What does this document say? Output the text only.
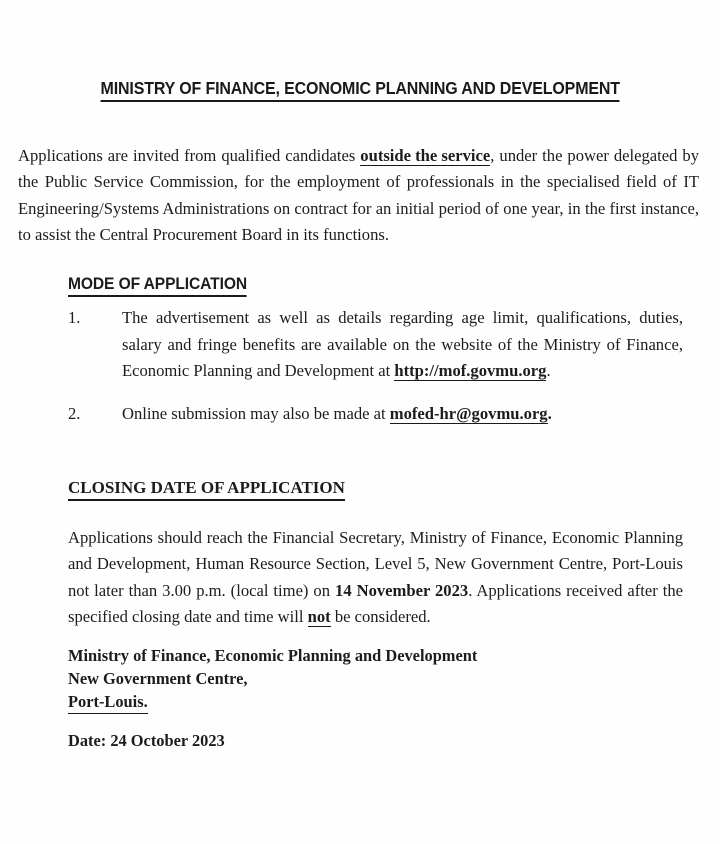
MINISTRY OF FINANCE, ECONOMIC PLANNING AND DEVELOPMENT

Applications are invited from qualified candidates outside the service, under the power delegated by the Public Service Commission, for the employment of professionals in the specialised field of IT Engineering/Systems Administrations on contract for an initial period of one year, in the first instance, to assist the Central Procurement Board in its functions.

MODE OF APPLICATION
1.	The advertisement as well as details regarding age limit, qualifications, duties, salary and fringe benefits are available on the website of the Ministry of Finance, Economic Planning and Development at http://mof.govmu.org.
2.	Online submission may also be made at mofed-hr@govmu.org.
CLOSING DATE OF APPLICATION

Applications should reach the Financial Secretary, Ministry of Finance, Economic Planning and Development, Human Resource Section, Level 5, New Government Centre, Port-Louis not later than 3.00 p.m. (local time) on 14 November 2023. Applications received after the specified closing date and time will not be considered.

Ministry of Finance, Economic Planning and Development
New Government Centre,
Port-Louis.
Date: 24 October 2023
